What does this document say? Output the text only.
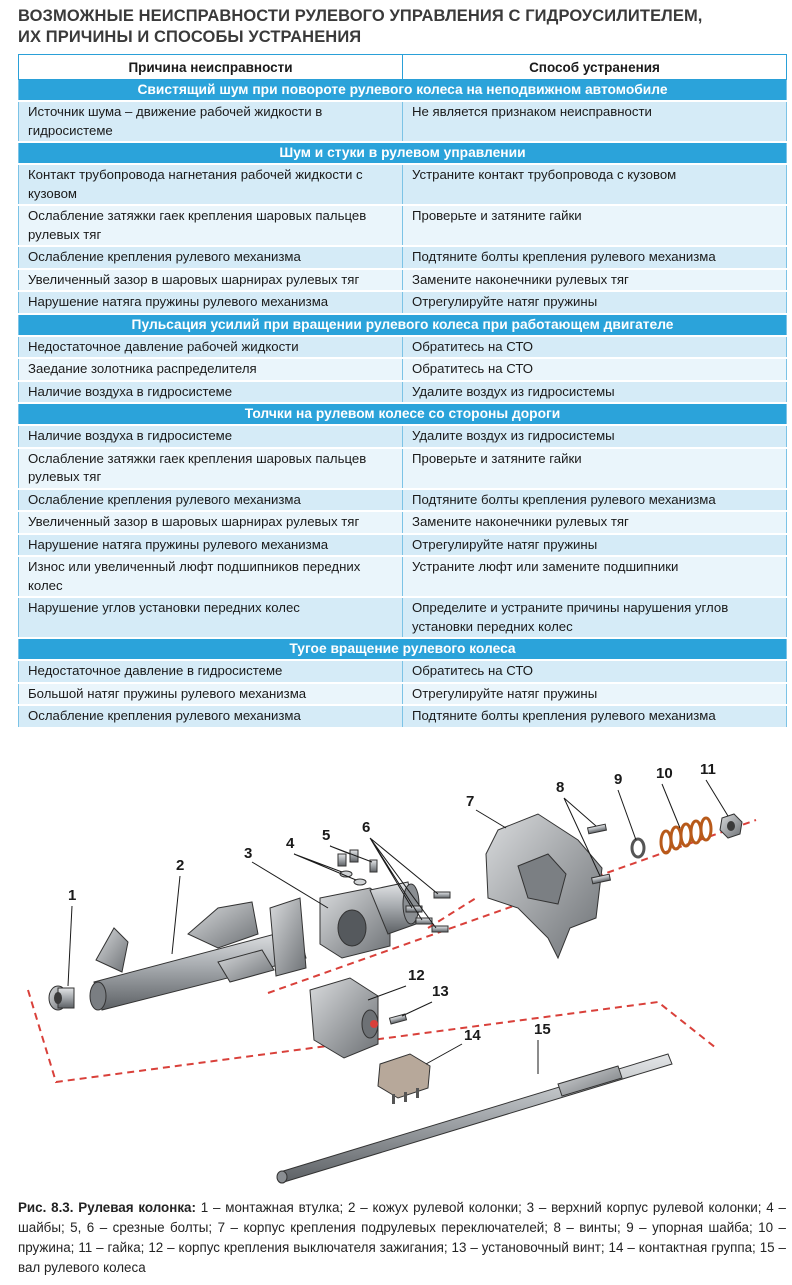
ВОЗМОЖНЫЕ НЕИСПРАВНОСТИ РУЛЕВОГО УПРАВЛЕНИЯ С ГИДРОУСИЛИТЕЛЕМ,
ИХ ПРИЧИНЫ И СПОСОБЫ УСТРАНЕНИЯ
Причина неисправности	Способ устранения
Свистящий шум при повороте рулевого колеса на неподвижном автомобиле	
Источник шума – движение рабочей жидкости в гидросистеме	Не является признаком неисправности
Шум и стуки в рулевом управлении	
Контакт трубопровода нагнетания рабочей жидкости с кузовом	Устраните контакт трубопровода с кузовом
Ослабление затяжки гаек крепления шаровых пальцев рулевых тяг	Проверьте и затяните гайки
Ослабление крепления рулевого механизма	Подтяните болты крепления рулевого механизма
Увеличенный зазор в шаровых шарнирах рулевых тяг	Замените наконечники рулевых тяг
Нарушение натяга пружины рулевого механизма	Отрегулируйте натяг пружины
Пульсация усилий при вращении рулевого колеса при работающем двигателе	
Недостаточное давление рабочей жидкости	Обратитесь на СТО
Заедание золотника распределителя	Обратитесь на СТО
Наличие воздуха в гидросистеме	Удалите воздух из гидросистемы
Толчки на рулевом колесе со стороны дороги	
Наличие воздуха в гидросистеме	Удалите воздух из гидросистемы
Ослабление затяжки гаек крепления шаровых пальцев рулевых тяг	Проверьте и затяните гайки
Ослабление крепления рулевого механизма	Подтяните болты крепления рулевого механизма
Увеличенный зазор в шаровых шарнирах рулевых тяг	Замените наконечники рулевых тяг
Нарушение натяга пружины рулевого механизма	Отрегулируйте натяг пружины
Износ или увеличенный люфт подшипников передних колес	Устраните люфт или замените подшипники
Нарушение углов установки передних колес	Определите и устраните причины нарушения углов установки передних колес
Тугое вращение рулевого колеса	
Недостаточное давление в гидросистеме	Обратитесь на СТО
Большой натяг пружины рулевого механизма	Отрегулируйте натяг пружины
Ослабление крепления рулевого механизма	Подтяните болты крепления рулевого механизма
1
2
3
4 5 6
7
8	9 10 11
12
13
14	15
Рис. 8.3. Рулевая колонка: 1 – монтажная втулка; 2 – кожух рулевой колонки; 3 – верхний корпус рулевой колонки; 4 – шайбы; 5, 6 – срезные болты; 7 – корпус крепления подрулевых переключателей; 8 – винты; 9 – упорная шайба; 10 – пружина; 11 – гайка; 12 – корпус крепления выключателя зажигания; 13 – установочный винт; 14 – контактная группа; 15 – вал рулевого колеса
